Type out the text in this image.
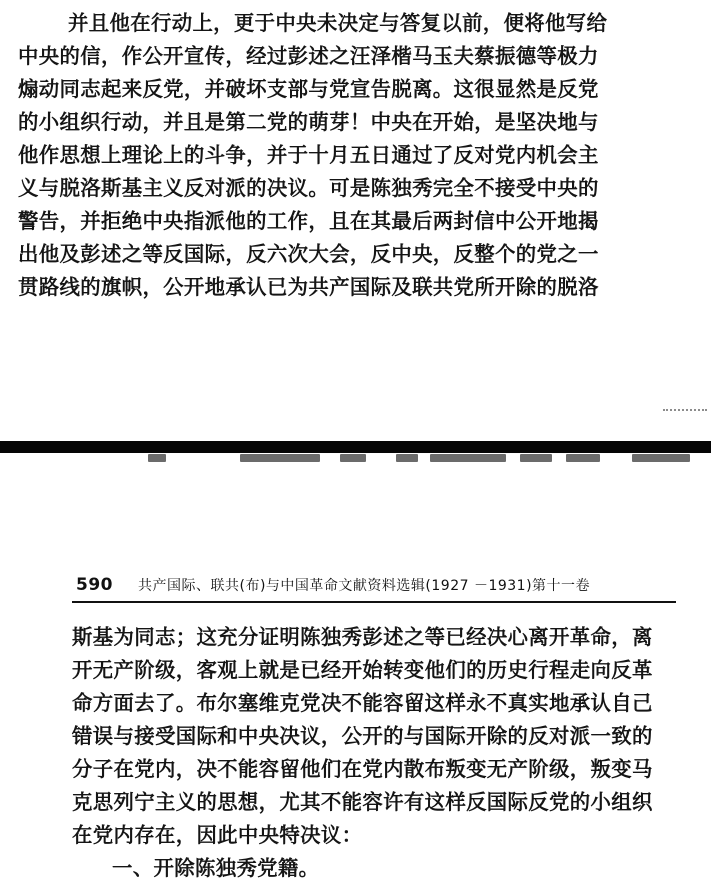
并且他在行动上，更于中央未决定与答复以前，便将他写给
中央的信，作公开宣传，经过彭述之汪泽楷马玉夫蔡振德等极力
煽动同志起来反党，并破坏支部与党宣告脱离。这很显然是反党
的小组织行动，并且是第二党的萌芽！中央在开始，是坚决地与
他作思想上理论上的斗争，并于十月五日通过了反对党内机会主
义与脱洛斯基主义反对派的决议。可是陈独秀完全不接受中央的
警告，并拒绝中央指派他的工作，且在其最后两封信中公开地揭
出他及彭述之等反国际，反六次大会，反中央，反整个的党之一
贯路线的旗帜，公开地承认已为共产国际及联共党所开除的脱洛
590 共产国际、联共(布)与中国革命文献资料选辑(1927 －1931)第十一卷
斯基为同志；这充分证明陈独秀彭述之等已经决心离开革命，离
开无产阶级，客观上就是已经开始转变他们的历史行程走向反革
命方面去了。布尔塞维克党决不能容留这样永不真实地承认自己
错误与接受国际和中央决议，公开的与国际开除的反对派一致的
分子在党内，决不能容留他们在党内散布叛变无产阶级，叛变马
克思列宁主义的思想，尤其不能容许有这样反国际反党的小组织
在党内存在，因此中央特决议：
一、开除陈独秀党籍。
